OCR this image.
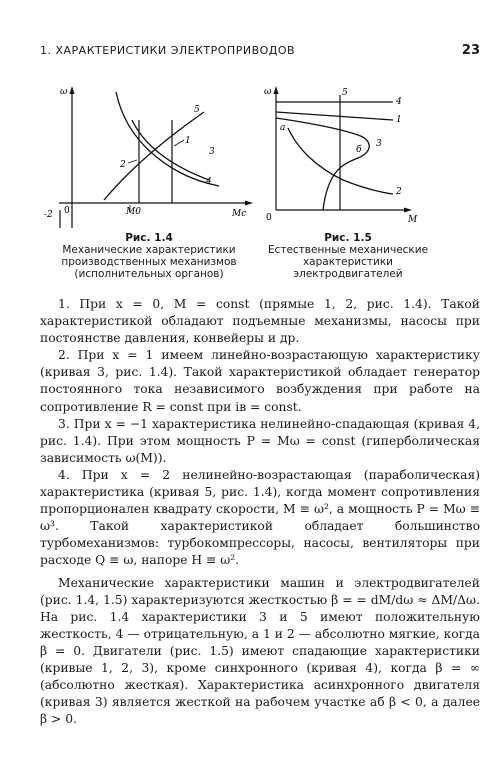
1. ХАРАКТЕРИСТИКИ ЭЛЕКТРОПРИВОДОВ	23
ω
Mc
0	M0
5
1
2
3
4
-2
Рис. 1.4
Механические характеристики
производственных механизмов
(исполнительных органов)
ω
M
0
5
4
1
а
б
3
2
Рис. 1.5
Естественные механические
характеристики
электродвигателей

1. При x = 0, M = const (прямые 1, 2, рис. 1.4). Такой характеристикой обладают подъемные механизмы, насосы при постоянстве давления, конвейеры и др.

2. При x = 1 имеем линейно-возрастающую характеристику (кривая 3, рис. 1.4). Такой характеристикой обладает генератор постоянного тока независимого возбуждения при работе на сопротивление R = const при iв = const.

3. При x = −1 характеристика нелинейно-спадающая (кривая 4, рис. 1.4). При этом мощность P = Mω = const (гиперболическая зависимость ω(M)).

4. При x = 2 нелинейно-возрастающая (параболическая) характеристика (кривая 5, рис. 1.4), когда момент сопротивления пропорционален квадрату скорости, M ≡ ω², а мощность P = Mω ≡ ω³. Такой характеристикой обладает большинство турбомеханизмов: турбокомпрессоры, насосы, вентиляторы при расходе Q ≡ ω, напоре H ≡ ω².

Механические характеристики машин и электродвигателей (рис. 1.4, 1.5) характеризуются жесткостью β = = dM/dω ≈ ΔM/Δω. На рис. 1.4 характеристики 3 и 5 имеют положительную жесткость, 4 — отрицательную, а 1 и 2 — абсолютно мягкие, когда β = 0. Двигатели (рис. 1.5) имеют спадающие характеристики (кривые 1, 2, 3), кроме синхронного (кривая 4), когда β = ∞ (абсолютно жесткая). Характеристика асинхронного двигателя (кривая 3) является жесткой на рабочем участке аб β < 0, а далее β > 0.
